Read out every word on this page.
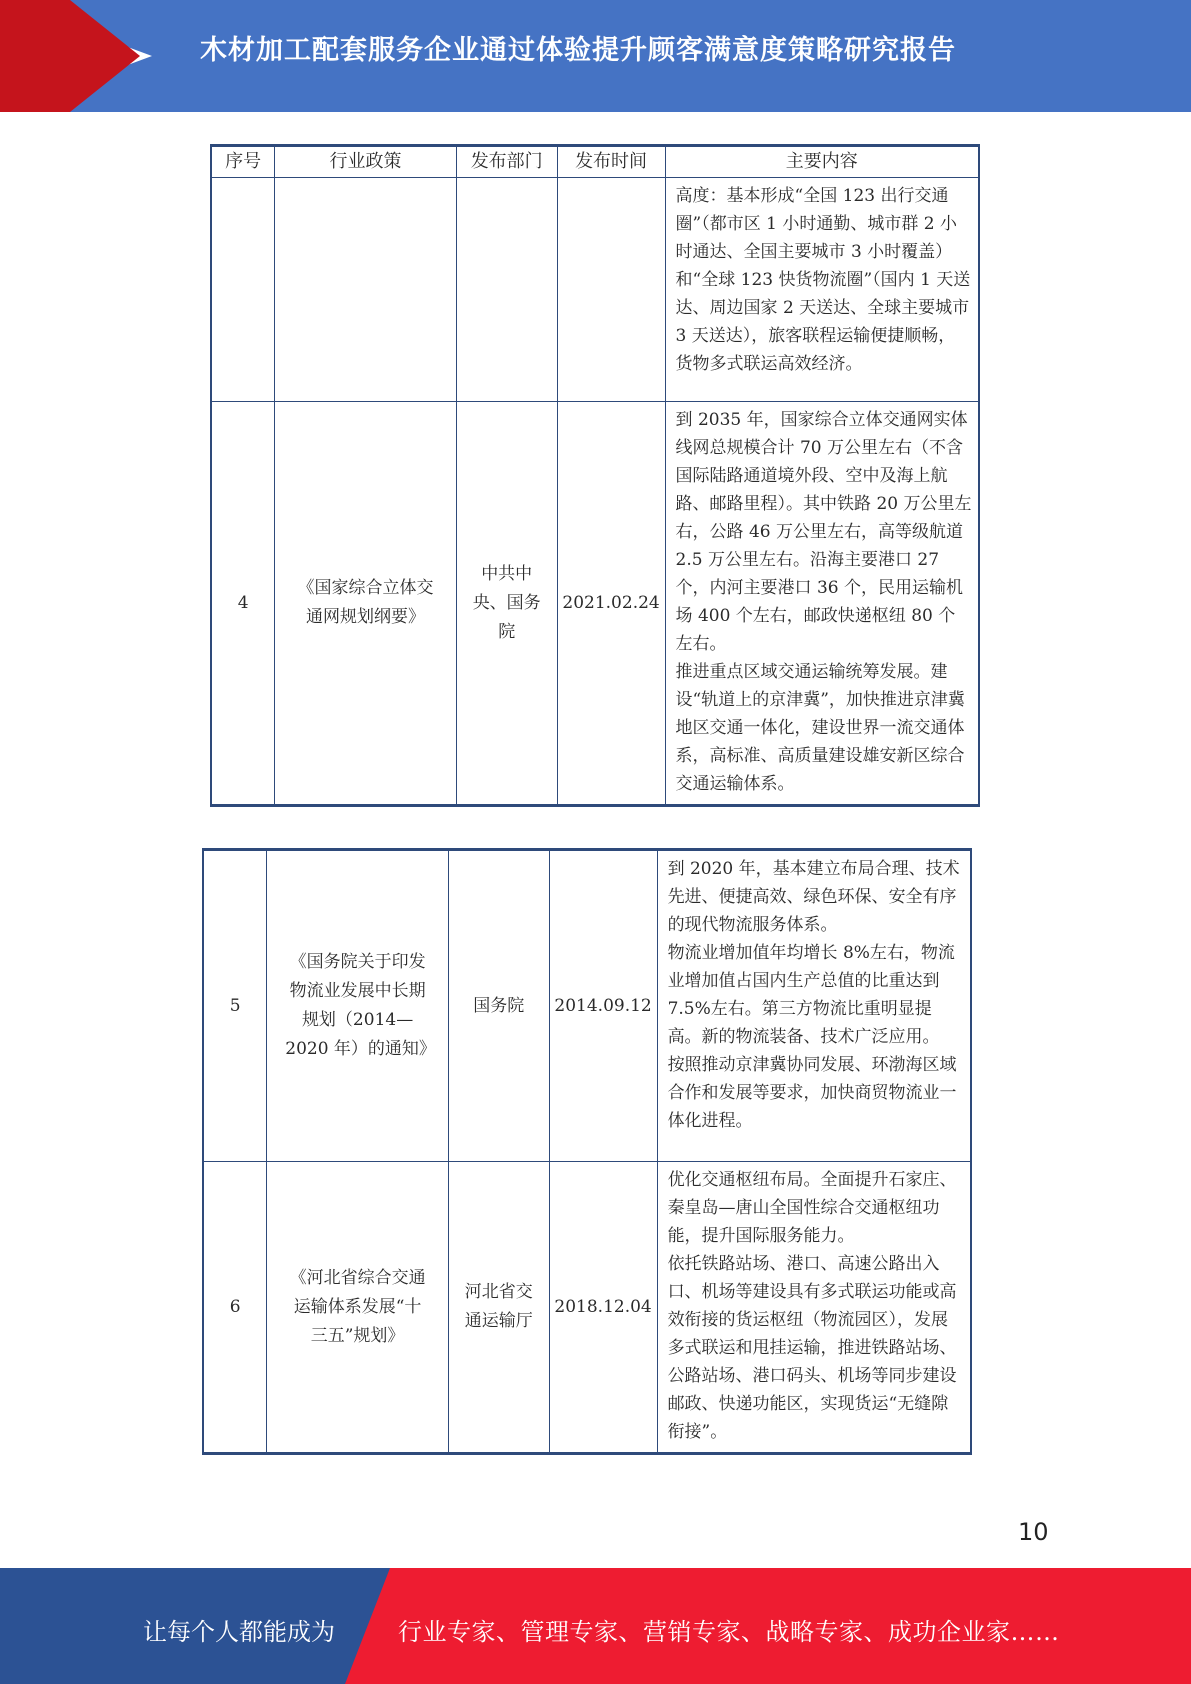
木材加工配套服务企业通过体验提升顾客满意度策略研究报告
序号	行业政策	发布部门	发布时间	主要内容

				高度：基本形成“全国 123 出行交通圈”（都市区 1 小时通勤、城市群 2 小时通达、全国主要城市 3 小时覆盖）和“全球 123 快货物流圈”（国内 1 天送达、周边国家 2 天送达、全球主要城市 3 天送达），旅客联程运输便捷顺畅，货物多式联运高效经济。

4	《国家综合立体交通网规划纲要》	中共中央、国务院	2021.02.24	到 2035 年，国家综合立体交通网实体线网总规模合计 70 万公里左右（不含国际陆路通道境外段、空中及海上航路、邮路里程）。其中铁路 20 万公里左右，公路 46 万公里左右，高等级航道 2.5 万公里左右。沿海主要港口 27 个，内河主要港口 36 个，民用运输机场 400 个左右，邮政快递枢纽 80 个左右。

推进重点区域交通运输统筹发展。建设“轨道上的京津冀”，加快推进京津冀地区交通一体化，建设世界一流交通体系，高标准、高质量建设雄安新区综合交通运输体系。

5	《国务院关于印发物流业发展中长期规划（2014—2020 年）的通知》	国务院	2014.09.12	到 2020 年，基本建立布局合理、技术先进、便捷高效、绿色环保、安全有序的现代物流服务体系。

物流业增加值年均增长 8%左右，物流业增加值占国内生产总值的比重达到 7.5%左右。第三方物流比重明显提高。新的物流装备、技术广泛应用。

按照推动京津冀协同发展、环渤海区域合作和发展等要求，加快商贸物流业一体化进程。

6	《河北省综合交通运输体系发展“十三五”规划》	河北省交通运输厅	2018.12.04	优化交通枢纽布局。全面提升石家庄、秦皇岛—唐山全国性综合交通枢纽功能，提升国际服务能力。

依托铁路站场、港口、高速公路出入口、机场等建设具有多式联运功能或高效衔接的货运枢纽（物流园区），发展多式联运和甩挂运输，推进铁路站场、公路站场、港口码头、机场等同步建设邮政、快递功能区，实现货运“无缝隙衔接”。

10
让每个人都能成为	行业专家、管理专家、营销专家、战略专家、成功企业家……
